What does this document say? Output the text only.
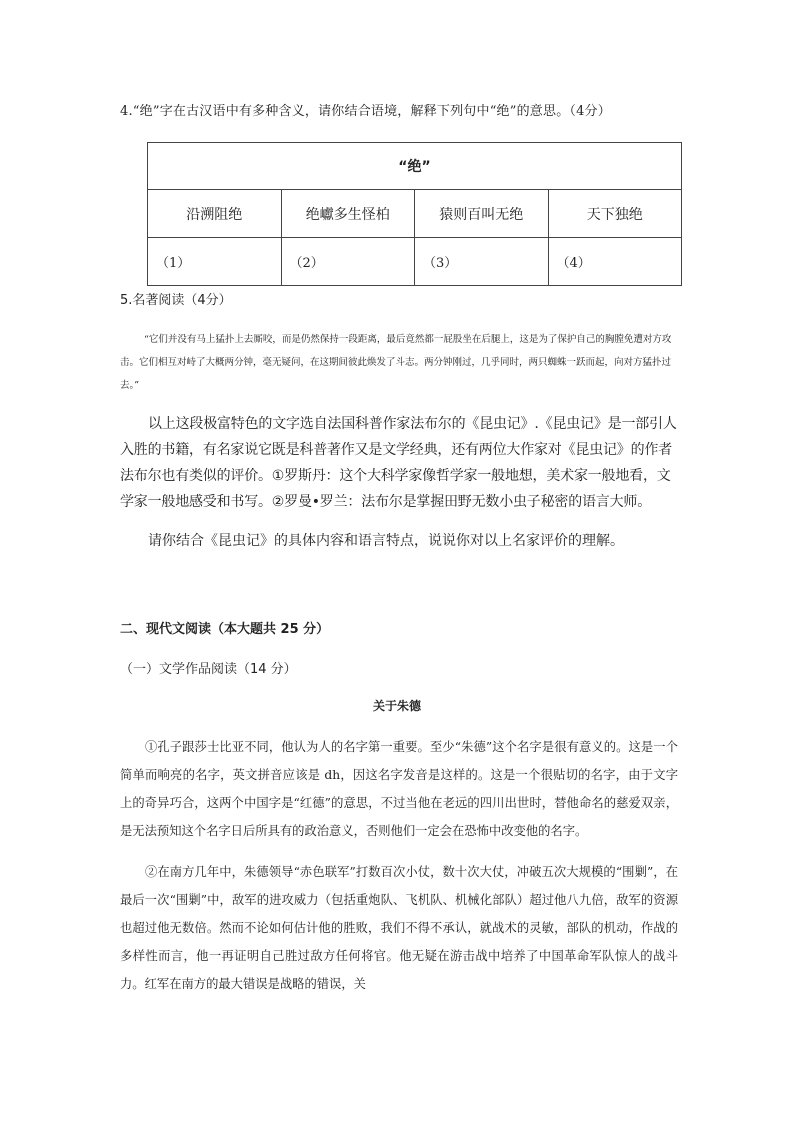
4.“绝”字在古汉语中有多种含义，请你结合语境，解释下列句中“绝”的意思。（4分）
“绝”			
沿溯阻绝	绝巘多生怪柏	猿则百叫无绝	天下独绝
（1）	（2）	（3）	（4）
5.名著阅读（4分）
“它们并没有马上猛扑上去厮咬，而是仍然保持一段距离，最后竟然都一屁股坐在后腿上，这是为了保护自己的胸膛免遭对方攻击。它们相互对峙了大概两分钟，毫无疑问，在这期间彼此焕发了斗志。两分钟刚过，几乎同时，两只蜘蛛一跃而起，向对方猛扑过去。”
以上这段极富特色的文字选自法国科普作家法布尔的《昆虫记》.《昆虫记》是一部引人入胜的书籍，有名家说它既是科普著作又是文学经典，还有两位大作家对《昆虫记》的作者法布尔也有类似的评价。①罗斯丹：这个大科学家像哲学家一般地想，美术家一般地看，文学家一般地感受和书写。②罗曼•罗兰：法布尔是掌握田野无数小虫子秘密的语言大师。
请你结合《昆虫记》的具体内容和语言特点，说说你对以上名家评价的理解。
二、现代文阅读（本大题共 25 分）
（一）文学作品阅读（14 分）
关于朱德
①孔子跟莎士比亚不同，他认为人的名字第一重要。至少“朱德”这个名字是很有意义的。这是一个简单而响亮的名字，英文拼音应该是 dh，因这名字发音是这样的。这是一个很贴切的名字，由于文字上的奇异巧合，这两个中国字是“红德”的意思，不过当他在老远的四川出世时，替他命名的慈爱双亲，是无法预知这个名字日后所具有的政治意义，否则他们一定会在恐怖中改变他的名字。
②在南方几年中，朱德领导“赤色联军”打数百次小仗，数十次大仗，冲破五次大规模的“围剿”，在最后一次“围剿”中，敌军的进攻威力（包括重炮队、飞机队、机械化部队）超过他八九倍，敌军的资源也超过他无数倍。然而不论如何估计他的胜败，我们不得不承认，就战术的灵敏，部队的机动，作战的多样性而言，他一再证明自己胜过敌方任何将官。他无疑在游击战中培养了中国革命军队惊人的战斗力。红军在南方的最大错误是战略的错误，关
